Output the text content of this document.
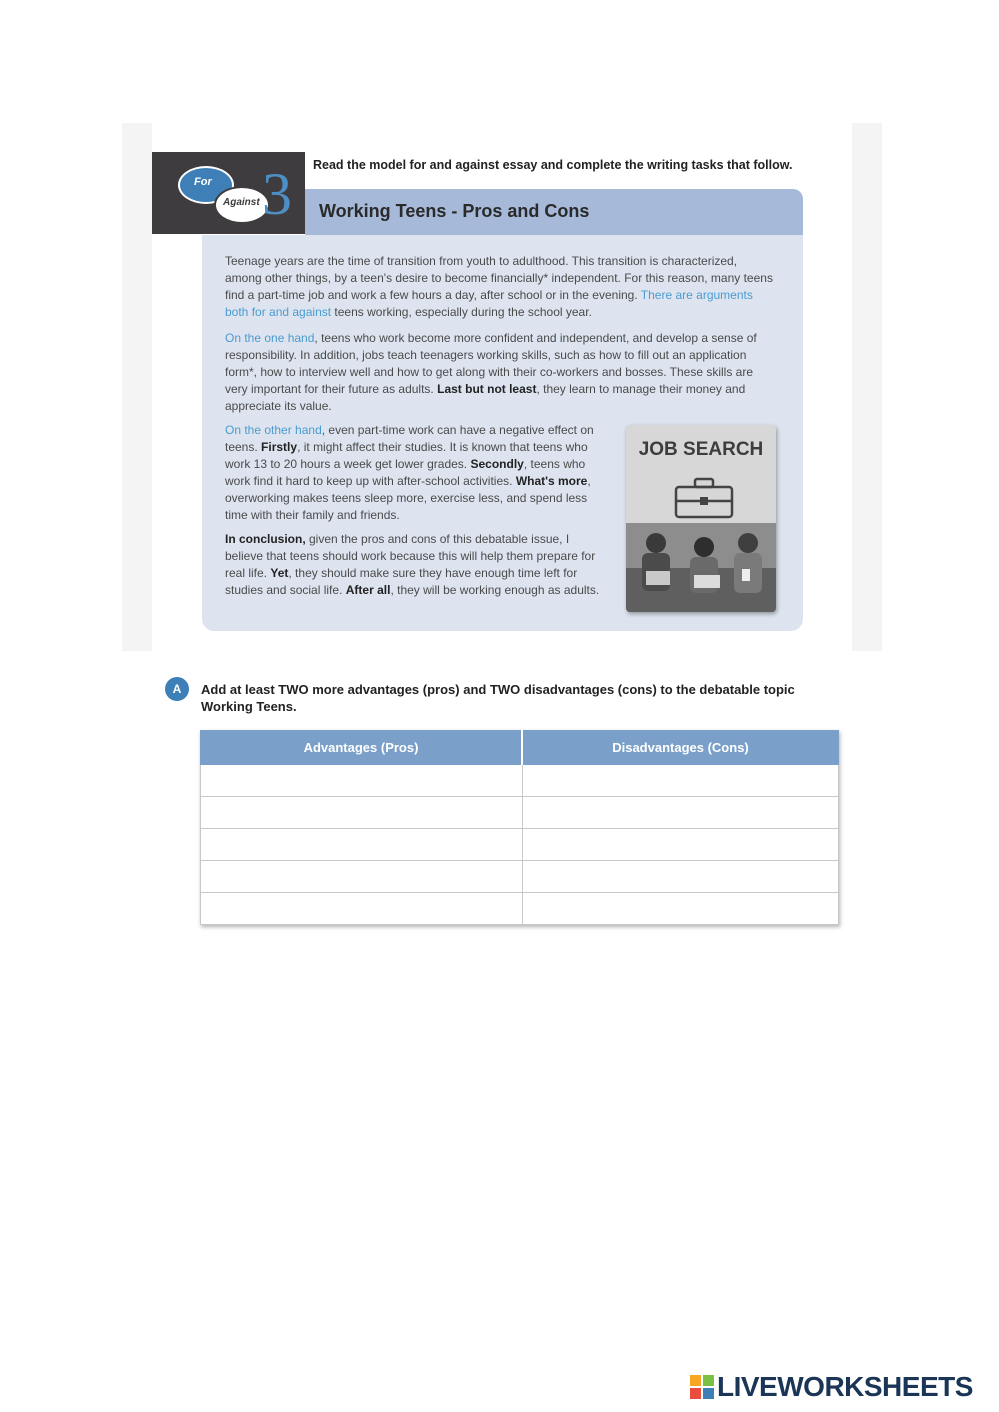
For
Against 3 Read the model for and against essay and complete the writing tasks that follow.
Working Teens - Pros and Cons

Teenage years are the time of transition from youth to adulthood. This transition is characterized, among other things, by a teen's desire to become financially* independent. For this reason, many teens find a part-time job and work a few hours a day, after school or in the evening. There are arguments both for and against teens working, especially during the school year.

On the one hand, teens who work become more confident and independent, and develop a sense of responsibility. In addition, jobs teach teenagers working skills, such as how to fill out an application form*, how to interview well and how to get along with their co-workers and bosses. These skills are very important for their future as adults. Last but not least, they learn to manage their money and appreciate its value.

On the other hand, even part-time work can have a negative effect on teens. Firstly, it might affect their studies. It is known that teens who work 13 to 20 hours a week get lower grades. Secondly, teens who work find it hard to keep up with after-school activities. What's more, overworking makes teens sleep more, exercise less, and spend less time with their family and friends.

In conclusion, given the pros and cons of this debatable issue, I believe that teens should work because this will help them prepare for real life. Yet, they should make sure they have enough time left for studies and social life. After all, they will be working enough as adults.

JOB SEARCH
A	Add at least TWO more advantages (pros) and TWO disadvantages (cons) to the debatable topic Working Teens.
Advantages (Pros)	Disadvantages (Cons)

LIVEWORKSHEETS
